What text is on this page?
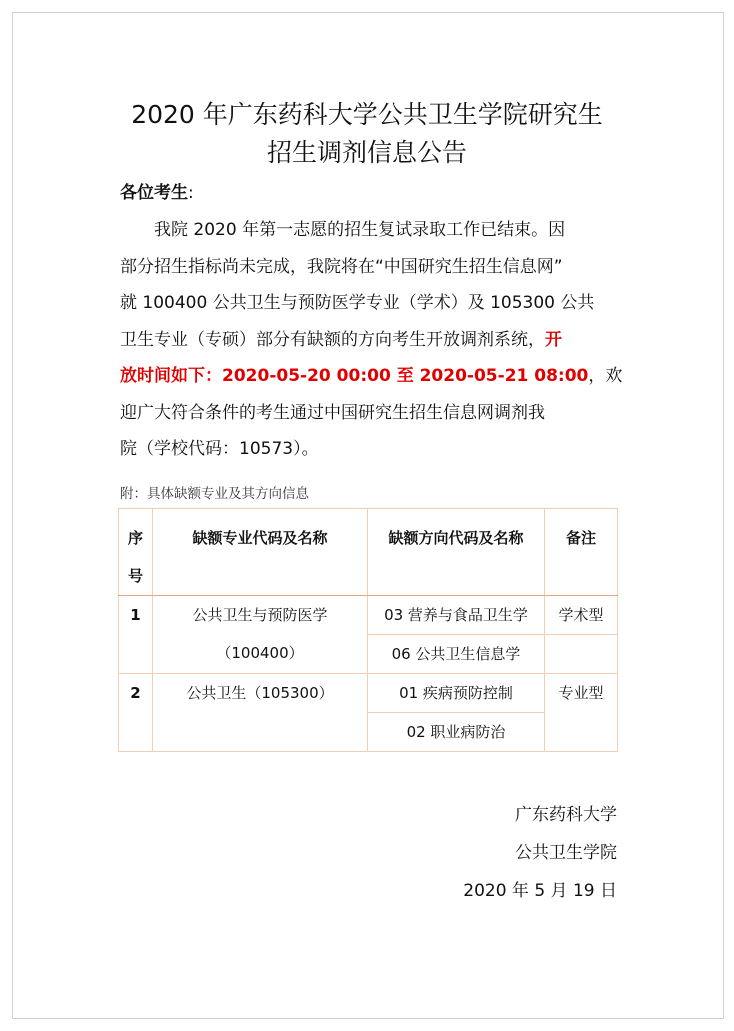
2020 年广东药科大学公共卫生学院研究生
招生调剂信息公告
各位考生:
我院 2020 年第一志愿的招生复试录取工作已结束。因
部分招生指标尚未完成，我院将在“中国研究生招生信息网”
就 100400 公共卫生与预防医学专业（学术）及 105300 公共
卫生专业（专硕）部分有缺额的方向考生开放调剂系统，开
放时间如下：2020-05-20 00:00 至 2020-05-21 08:00，欢
迎广大符合条件的考生通过中国研究生招生信息网调剂我
院（学校代码：10573）。
附：具体缺额专业及其方向信息
序
号	缺额专业代码及名称	缺额方向代码及名称	备注

1	公共卫生与预防医学
（100400）	03 营养与食品卫生学	学术型

		06 公共卫生信息学	

2	公共卫生（105300）	01 疾病预防控制	专业型

		02 职业病防治	
广东药科大学
公共卫生学院
2020 年 5 月 19 日
